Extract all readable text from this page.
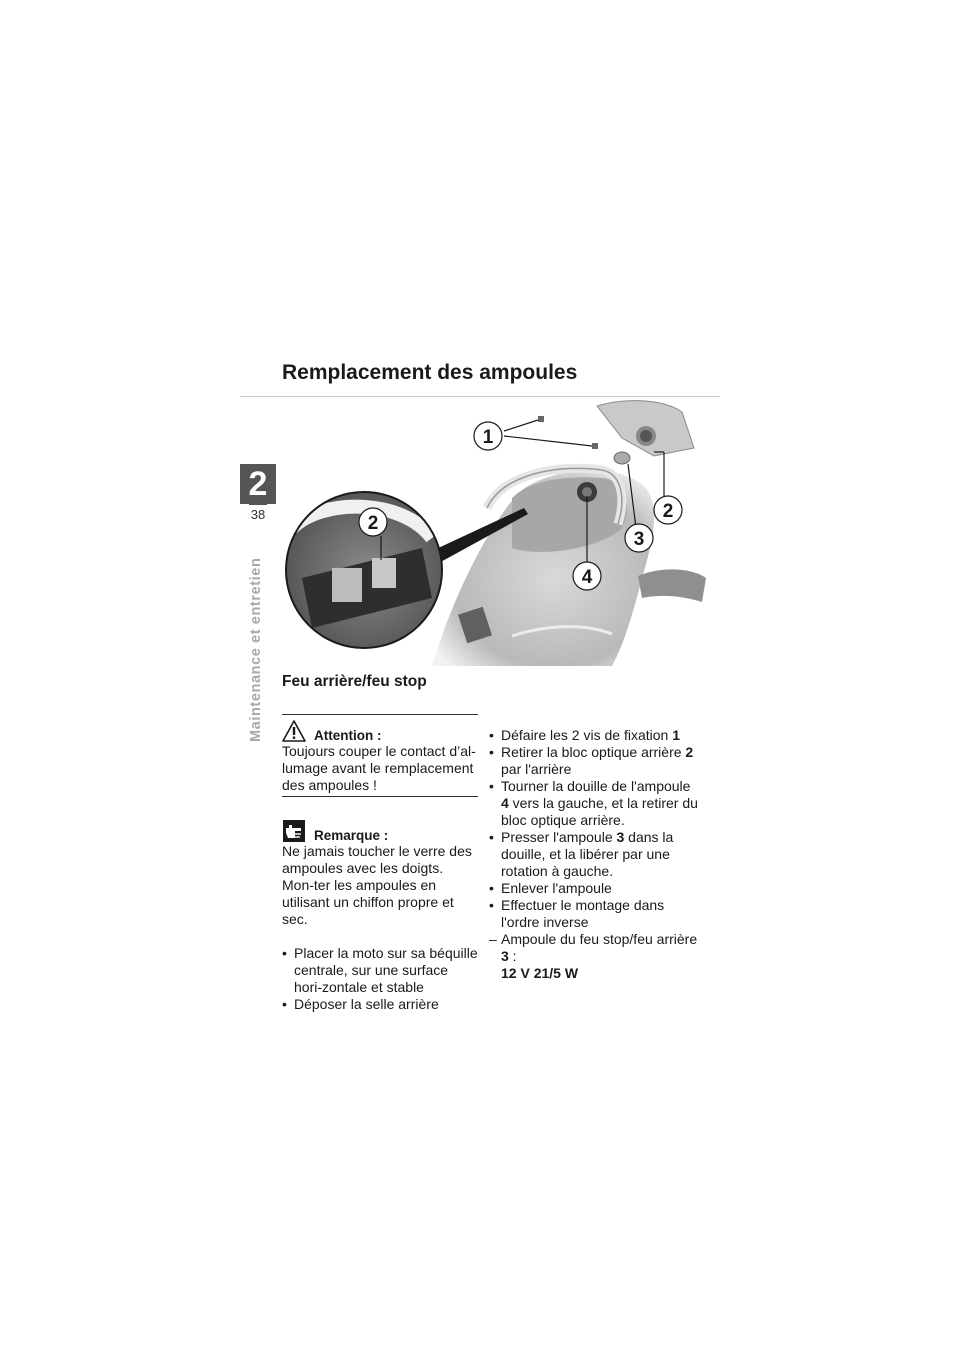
2
38
Maintenance et entretien
Remplacement des ampoules
1
2
3
4
2
Feu arrière/feu stop
Attention :

Toujours couper le contact d’al-lumage avant le remplacement des ampoules !

Remarque :

Ne jamais toucher le verre des ampoules avec les doigts. Mon-ter les ampoules en utilisant un chiffon propre et sec.

• Placer la moto sur sa béquille centrale, sur une surface hori-zontale et stable
• Déposer la selle arrière
• Défaire les 2 vis de fixation 1
• Retirer la bloc optique arrière 2 par l'arrière
• Tourner la douille de l'ampoule 4 vers la gauche, et la retirer du bloc optique arrière.
• Presser l'ampoule 3 dans la douille, et la libérer par une rotation à gauche.
• Enlever l'ampoule
• Effectuer le montage dans l'ordre inverse
– Ampoule du feu stop/feu arrière 3 :
12 V 21/5 W
